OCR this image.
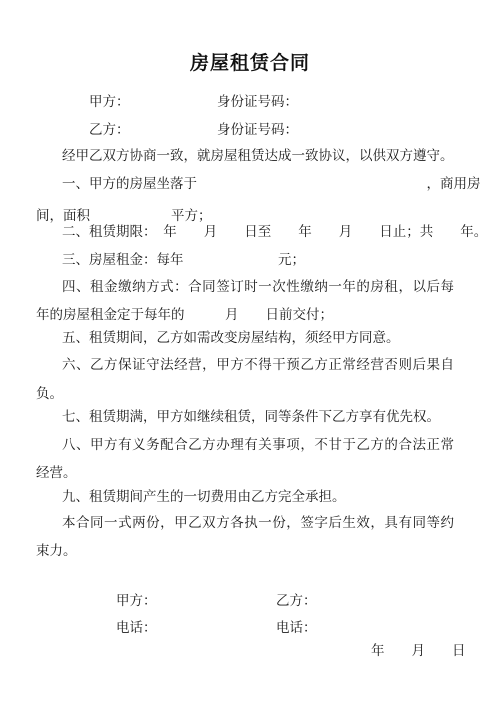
房屋租赁合同
甲方：	身份证号码：
乙方：	身份证号码：
经甲乙双方协商一致，就房屋租赁达成一致协议，以供双方遵守。
一、甲方的房屋坐落于　　　　　　　　　　　　　　　　　，商用房
间，面积　　　　　　平方；
二、租赁期限：　年　　月　　日至　　年　　月　　日止；共　　年。
三、房屋租金：每年　　　　　　　元；
四、租金缴纳方式：合同签订时一次性缴纳一年的房租，以后每
年的房屋租金定于每年的　　　月　　日前交付；
五、租赁期间，乙方如需改变房屋结构，须经甲方同意。
六、乙方保证守法经营，甲方不得干预乙方正常经营否则后果自
负。
七、租赁期满，甲方如继续租赁，同等条件下乙方享有优先权。
八、甲方有义务配合乙方办理有关事项，不甘于乙方的合法正常
经营。
九、租赁期间产生的一切费用由乙方完全承担。
本合同一式两份，甲乙双方各执一份，签字后生效，具有同等约
束力。
甲方：	乙方：
电话：	电话：
年　　月　　日
